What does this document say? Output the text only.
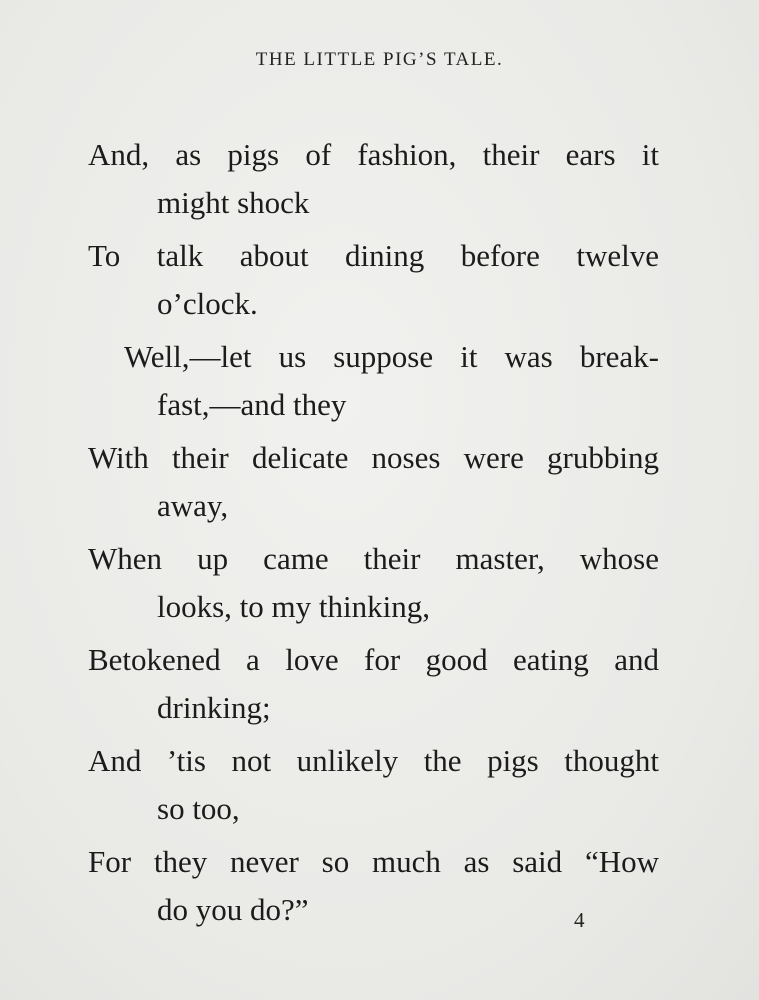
THE LITTLE PIG’S TALE.

And, as pigs of fashion, their ears it

might shock

To talk about dining before twelve

o’clock.

Well,—let us suppose it was break-

fast,—and they

With their delicate noses were grubbing

away,

When up came their master, whose

looks, to my thinking,

Betokened a love for good eating and

drinking;

And ’tis not unlikely the pigs thought

so too,

For they never so much as said “How

do you do?”	4
